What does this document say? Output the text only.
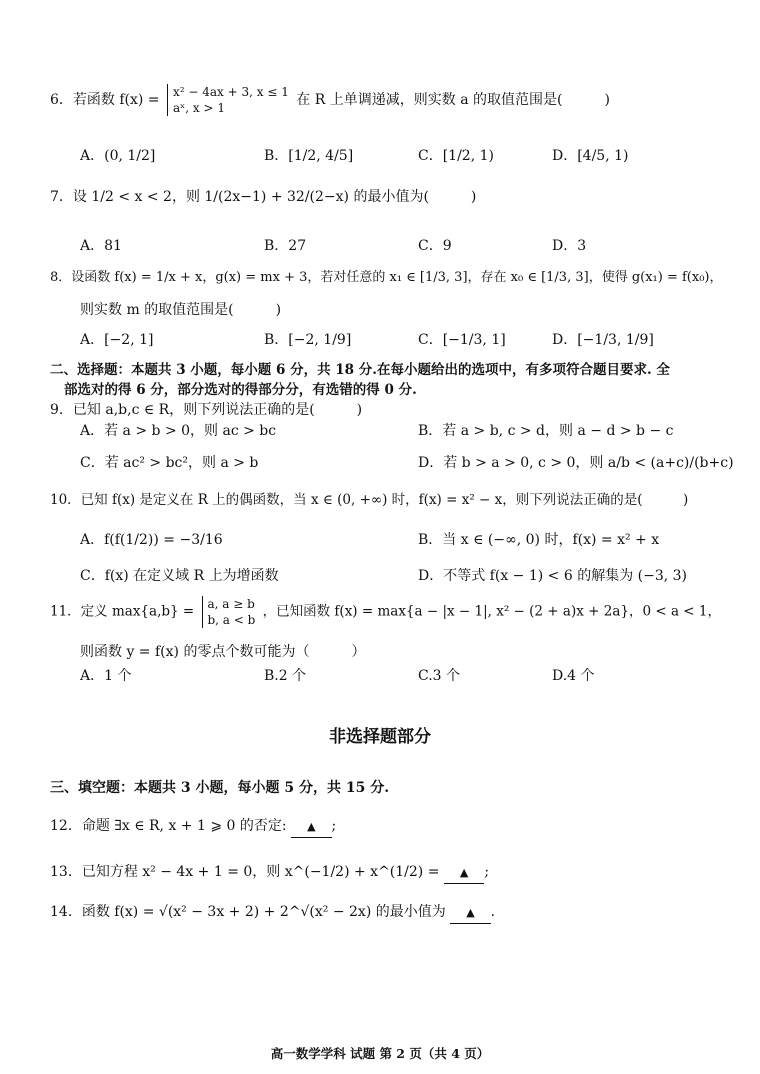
6．若函数 f(x) = x² − 4ax + 3, x ≤ 1
aˣ, x > 1	在 R 上单调递减，则实数 a 的取值范围是(　　　)
A．(0, 1/2]	B．[1/2, 4/5]	C．[1/2, 1)	D．[4/5, 1)
7．设 1/2 < x < 2，则 1/(2x−1) + 32/(2−x) 的最小值为(　　　)
A．81	B．27	C．9	D．3
8．设函数 f(x) = 1/x + x，g(x) = mx + 3，若对任意的 x₁ ∈ [1/3, 3]，存在 x₀ ∈ [1/3, 3]，使得 g(x₁) = f(x₀)，
则实数 m 的取值范围是(　　　)
A．[−2, 1]	B．[−2, 1/9]	C．[−1/3, 1]	D．[−1/3, 1/9]
二、选择题：本题共 3 小题，每小题 6 分，共 18 分.在每小题给出的选项中，有多项符合题目要求. 全
部选对的得 6 分，部分选对的得部分分，有选错的得 0 分.
9．已知 a,b,c ∈ R，则下列说法正确的是(　　　)
A．若 a > b > 0，则 ac > bc	B．若 a > b, c > d，则 a − d > b − c
C．若 ac² > bc²，则 a > b	D．若 b > a > 0, c > 0，则 a/b < (a+c)/(b+c)
10．已知 f(x) 是定义在 R 上的偶函数，当 x ∈ (0, +∞) 时，f(x) = x² − x，则下列说法正确的是(　　　)
A．f(f(1/2)) = −3/16	B．当 x ∈ (−∞, 0) 时，f(x) = x² + x
C．f(x) 在定义域 R 上为增函数	D．不等式 f(x − 1) < 6 的解集为 (−3, 3)
11．定义 max{a,b} = a, a ≥ b
b, a < b
，已知函数 f(x) = max{a − |x − 1|, x² − (2 + a)x + 2a}，0 < a < 1，
则函数 y = f(x) 的零点个数可能为（　　　）
A．1 个	B.2 个	C.3 个	D.4 个
非选择题部分
三、填空题：本题共 3 小题，每小题 5 分，共 15 分.
12．命题 ∃x ∈ R, x + 1 ⩾ 0 的否定: ▲ ;
13．已知方程 x² − 4x + 1 = 0，则 x^(−1/2) + x^(1/2) = ▲ ;
14．函数 f(x) = √(x² − 3x + 2) + 2^√(x² − 2x) 的最小值为 ▲ .
高一数学学科 试题 第 2 页（共 4 页）
